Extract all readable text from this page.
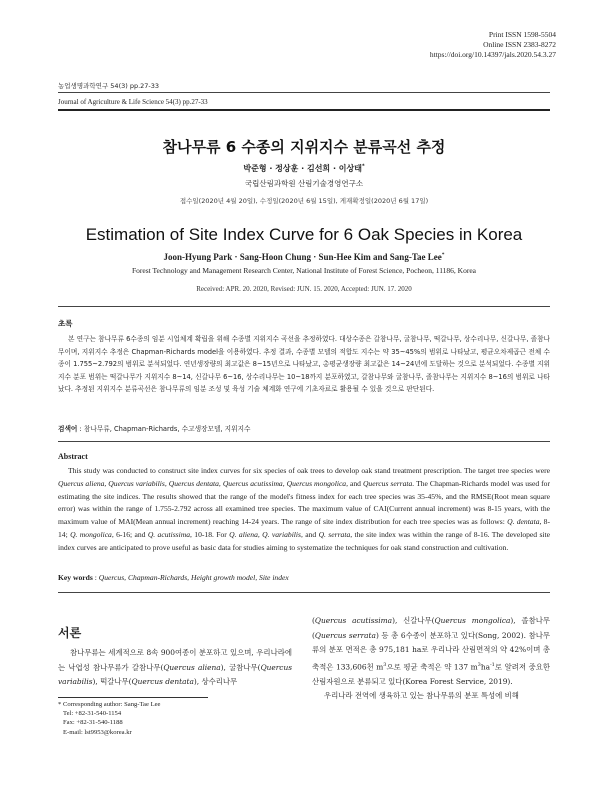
Print ISSN 1598-5504
Online ISSN 2383-8272
https://doi.org/10.14397/jals.2020.54.3.27
농업생명과학연구 54(3) pp.27-33
Journal of Agriculture & Life Science 54(3) pp.27-33
참나무류 6 수종의 지위지수 분류곡선 추정
박준형 · 정상훈 · 김선희 · 이상태*
국립산림과학원 산림기술경영연구소
접수일(2020년 4월 20일), 수정일(2020년 6월 15일), 게재확정일(2020년 6월 17일)
Estimation of Site Index Curve for 6 Oak Species in Korea
Joon-Hyung Park · Sang-Hoon Chung · Sun-Hee Kim and Sang-Tae Lee*
Forest Technology and Management Research Center, National Institute of Forest Science, Pocheon, 11186, Korea
Received: APR. 20. 2020, Revised: JUN. 15. 2020, Accepted: JUN. 17. 2020
초록

본 연구는 참나무류 6수종의 임분 시업체계 확립을 위해 수종별 지위지수 곡선을 추정하였다. 대상수종은 갈참나무, 굴참나무, 떡갈나무, 상수리나무, 신갈나무, 졸참나무이며, 지위지수 추정은 Chapman-Richards model을 이용하였다. 추정 결과, 수종별 모델의 적합도 지수는 약 35~45%의 범위로 나타났고, 평균오차제곱근 전체 수종이 1.755~2.792의 범위로 분석되었다. 연년생장량의 최고값은 8~15년으로 나타났고, 총평균생장량 최고값은 14~24년에 도달하는 것으로 분석되었다. 수종별 지위지수 분포 범위는 떡갈나무가 지위지수 8~14, 신갈나무 6~16, 상수리나무는 10~18까지 분포하였고, 갈참나무와 굴참나무, 졸참나무는 지위지수 8~16의 범위로 나타났다. 추정된 지위지수 분류곡선은 참나무류의 임분 조성 및 육성 기술 체계화 연구에 기초자료로 활용될 수 있을 것으로 판단된다.

검색어 : 참나무류, Chapman-Richards, 수고생장모델, 지위지수
Abstract

This study was conducted to construct site index curves for six species of oak trees to develop oak stand treatment prescription. The target tree species were Quercus aliena, Quercus variabilis, Quercus dentata, Quercus acutissima, Quercus mongolica, and Quercus serrata. The Chapman-Richards model was used for estimating the site indices. The results showed that the range of the model's fitness index for each tree species was 35-45%, and the RMSE(Root mean square error) was within the range of 1.755-2.792 across all examined tree species. The maximum value of CAI(Current annual increment) was 8-15 years, with the maximum value of MAI(Mean annual increment) reaching 14-24 years. The range of site index distribution for each tree species was as follows: Q. dentata, 8-14; Q. mongolica, 6-16; and Q. acutissima, 10-18. For Q. aliena, Q. variabilis, and Q. serrata, the site index was within the range of 8-16. The developed site index curves are anticipated to prove useful as basic data for studies aiming to systematize the techniques for oak stand construction and cultivation.

Key words : Quercus, Chapman-Richards, Height growth model, Site index
서론

참나무류는 세계적으로 8속 900여종이 분포하고 있으며, 우리나라에는 낙엽성 참나무류가 갈참나무(Quercus aliena), 굴참나무(Quercus variabilis), 떡갈나무(Quercus dentata), 상수리나무

(Quercus acutissima), 신갈나무(Quercus mongolica), 졸참나무(Quercus serrata) 등 총 6수종이 분포하고 있다(Song, 2002). 참나무류의 분포 면적은 총 975,181 ha로 우리나라 산림면적의 약 42%이며 총 축적은 133,606천 $m^3$으로 평균 축적은 약 137 $m^3ha^{-1}$로 알려져 중요한 산림자원으로 분류되고 있다(Korea Forest Service, 2019).

우리나라 전역에 생육하고 있는 참나무류의 분포 특성에 비해

* Corresponding author: Sang-Tae Lee
Tel: +82-31-540-1154
Fax: +82-31-540-1188
E-mail: lst9953@korea.kr
